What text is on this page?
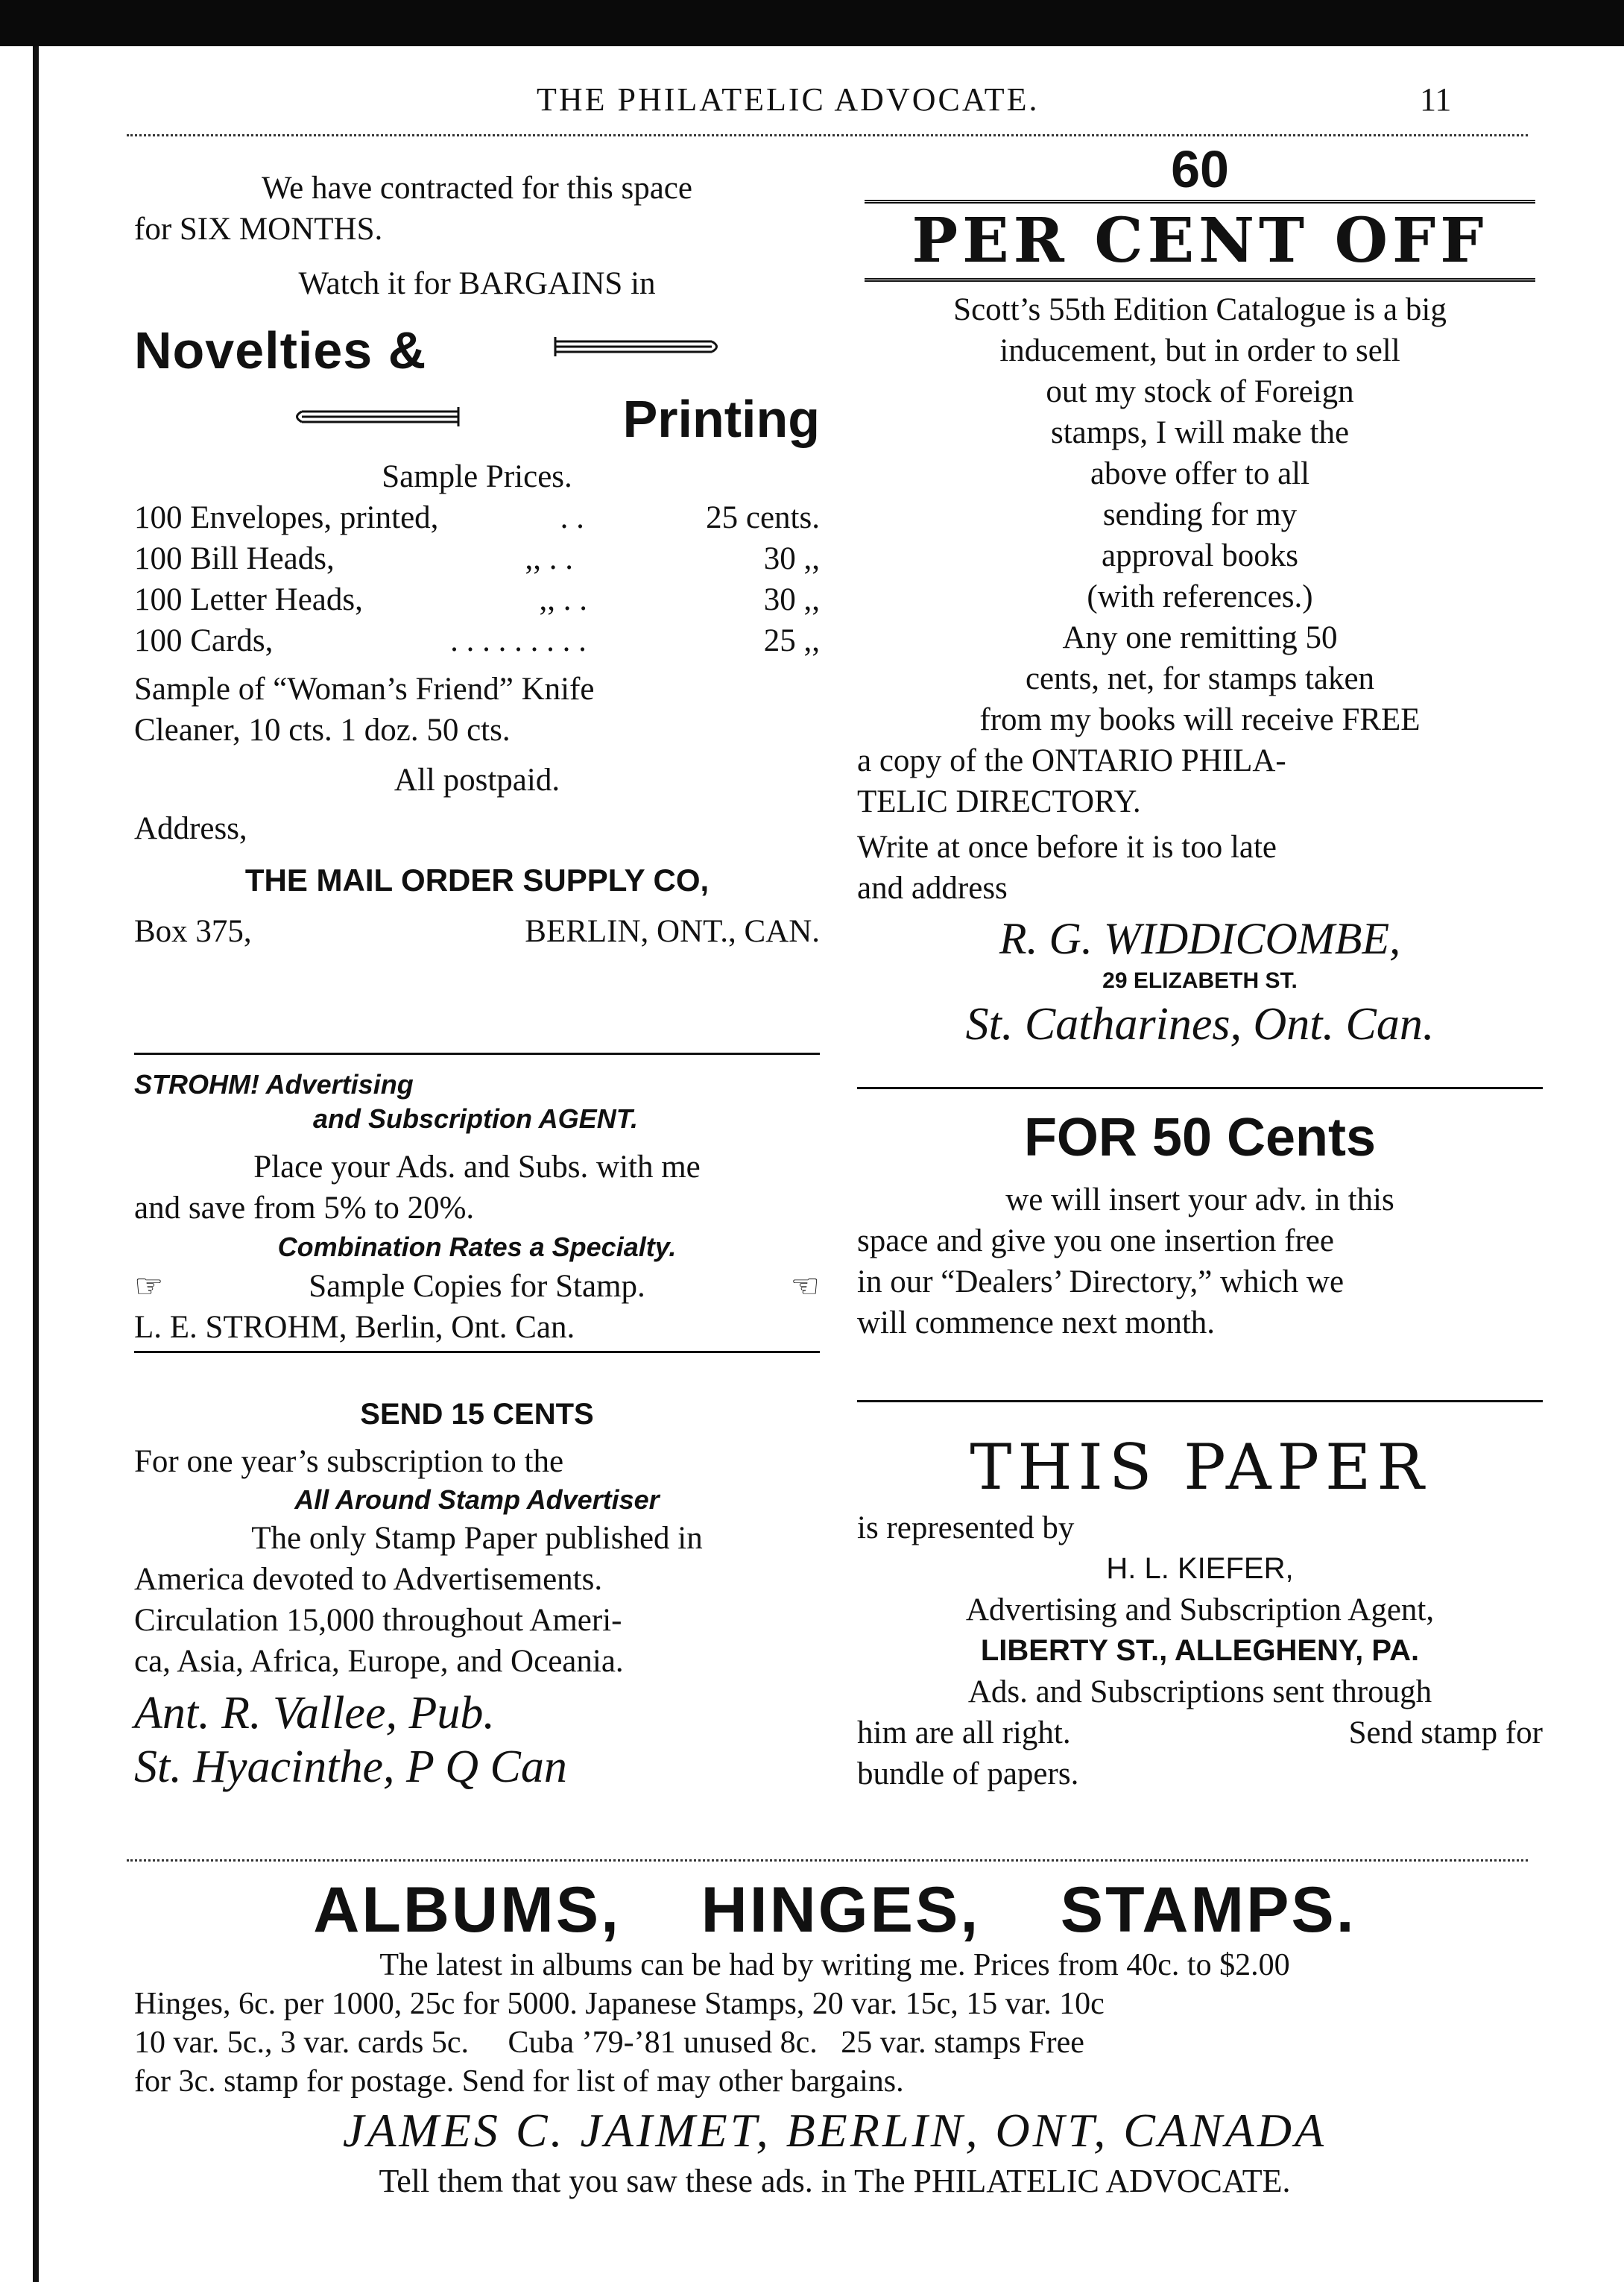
THE PHILATELIC ADVOCATE.	11
We have contracted for this space
for SIX MONTHS.
Watch it for BARGAINS in
Novelties &
Printing
Sample Prices.
100 Envelopes, printed,	. .	25 cents.
100 Bill Heads,	,, . .	30 ,,
100 Letter Heads,	,, . .	30 ,,
100 Cards,	. . . . . . . . .	25 ,,
Sample of “Woman’s Friend” Knife
Cleaner, 10 cts. 1 doz. 50 cts.
All postpaid.
Address,
THE MAIL ORDER SUPPLY CO,
Box 375,	BERLIN, ONT., CAN.
STROHM! Advertising
and Subscription AGENT.
Place your Ads. and Subs. with me
and save from 5% to 20%.
Combination Rates a Specialty.
☞	Sample Copies for Stamp.	☜
L. E. STROHM, Berlin, Ont. Can.
SEND 15 CENTS
For one year’s subscription to the
All Around Stamp Advertiser
The only Stamp Paper published in
America devoted to Advertisements.
Circulation 15,000 throughout Ameri-
ca, Asia, Africa, Europe, and Oceania.
Ant. R. Vallee, Pub.
St. Hyacinthe, P Q Can
60
PER CENT OFF
Scott’s 55th Edition Catalogue is a big
inducement, but in order to sell
out my stock of Foreign
stamps, I will make the
above offer to all
sending for my
approval books
(with references.)
Any one remitting 50
cents, net, for stamps taken
from my books will receive FREE
a copy of the ONTARIO PHILA-
TELIC DIRECTORY.
Write at once before it is too late
and address
R. G. WIDDICOMBE,
29 ELIZABETH ST.
St. Catharines, Ont. Can.
FOR 50 Cents
we will insert your adv. in this
space and give you one insertion free
in our “Dealers’ Directory,” which we
will commence next month.
THIS PAPER
is represented by
H. L. KIEFER,
Advertising and Subscription Agent,
LIBERTY ST., ALLEGHENY, PA.
Ads. and Subscriptions sent through
him are all right.	Send stamp for
bundle of papers.
ALBUMS,    HINGES,    STAMPS.
The latest in albums can be had by writing me. Prices from 40c. to $2.00
Hinges, 6c. per 1000, 25c for 5000. Japanese Stamps, 20 var. 15c, 15 var. 10c
10 var. 5c., 3 var. cards 5c.     Cuba ’79-’81 unused 8c.   25 var. stamps Free
for 3c. stamp for postage. Send for list of may other bargains.
JAMES C. JAIMET, BERLIN, ONT, CANADA
Tell them that you saw these ads. in The PHILATELIC ADVOCATE.
